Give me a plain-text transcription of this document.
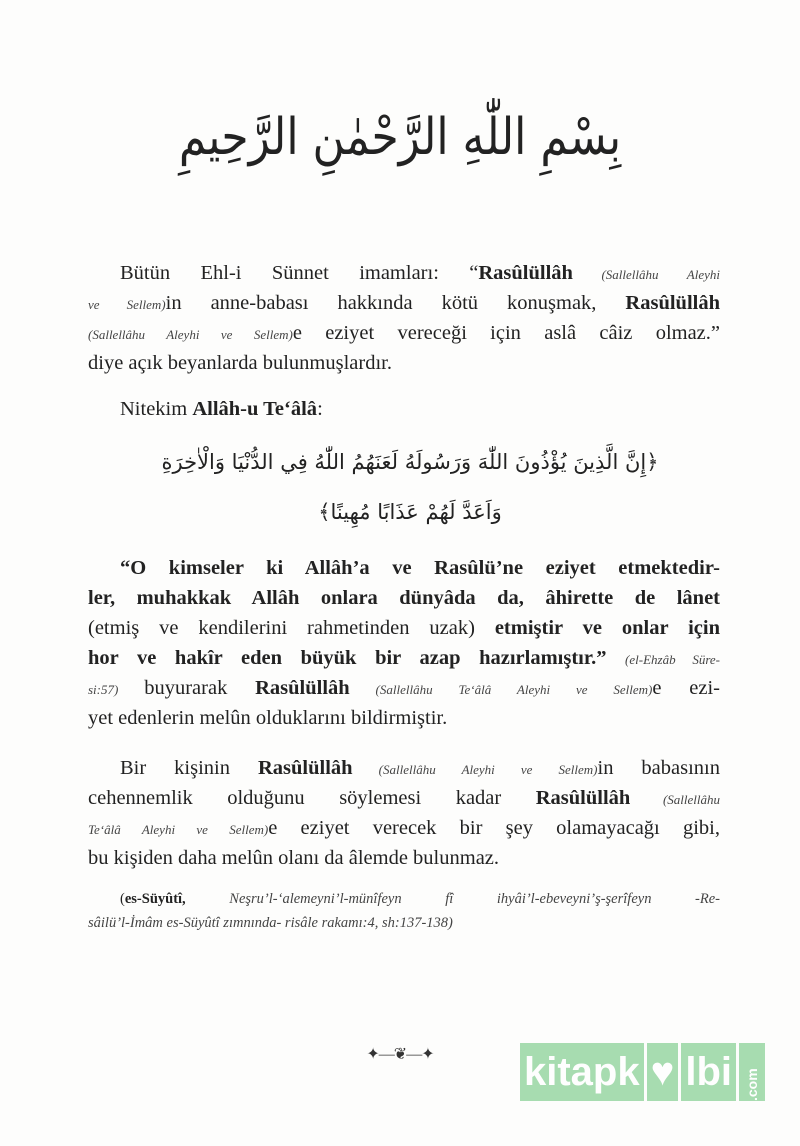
بِسْمِ اللّٰهِ الرَّحْمٰنِ الرَّحِيمِ
Bütün Ehl-i Sünnet imamları: “Rasûlüllâh (Sallellâhu Aleyhi
ve Sellem)in anne-babası hakkında kötü konuşmak, Rasûlüllâh
(Sallellâhu Aleyhi ve Sellem)e eziyet vereceği için aslâ câiz olmaz.”
diye açık beyanlarda bulunmuşlardır.
Nitekim Allâh-u Te‘âlâ:
“O kimseler ki Allâh’a ve Rasûlü’ne eziyet etmektedir-
ler, muhakkak Allâh onlara dünyâda da, âhirette de lânet
(etmiş ve kendilerini rahmetinden uzak) etmiştir ve onlar için
hor ve hakîr eden büyük bir azap hazırlamıştır.” (el-Ehzâb Süre-
si:57) buyurarak Rasûlüllâh (Sallellâhu Te‘âlâ Aleyhi ve Sellem)e ezi-
yet edenlerin melûn olduklarını bildirmiştir.
Bir kişinin Rasûlüllâh (Sallellâhu Aleyhi ve Sellem)in babasının
cehennemlik olduğunu söylemesi kadar Rasûlüllâh (Sallellâhu
Te‘âlâ Aleyhi ve Sellem)e eziyet verecek bir şey olamayacağı gibi,
bu kişiden daha melûn olanı da âlemde bulunmaz.
(es-Süyûtî, Neşru’l-‘alemeyni’l-münîfeyn fî ihyâi’l-ebeveyni’ş-şerîfeyn -Re-
sâilü’l-İmâm es-Süyûtî zımnında- risâle rakamı:4, sh:137-138)
﴿إِنَّ الَّذِينَ يُؤْذُونَ اللّٰهَ وَرَسُولَهُ لَعَنَهُمُ اللّٰهُ فِي الدُّنْيَا وَالْاٰخِرَةِ
وَاَعَدَّ لَهُمْ عَذَابًا مُهِينًا﴾
✦—❦—✦	kitapk ♥ lbi .com
